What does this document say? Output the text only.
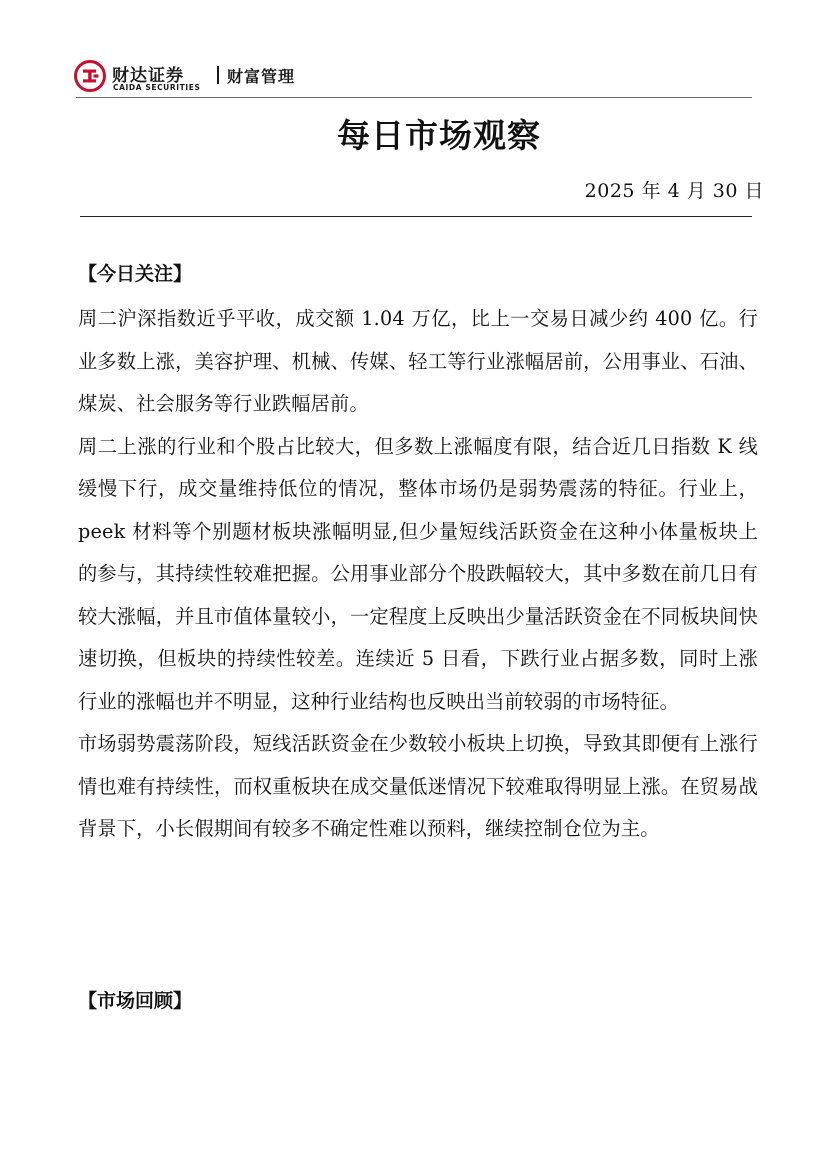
财达证券
CAIDA SECURITIES
财富管理
每日市场观察
2025 年 4 月 30 日
【今日关注】

周二沪深指数近乎平收，成交额 1.04 万亿，比上一交易日减少约 400 亿。行业多数上涨，美容护理、机械、传媒、轻工等行业涨幅居前，公用事业、石油、煤炭、社会服务等行业跌幅居前。

周二上涨的行业和个股占比较大，但多数上涨幅度有限，结合近几日指数 K 线缓慢下行，成交量维持低位的情况，整体市场仍是弱势震荡的特征。行业上，peek 材料等个别题材板块涨幅明显,但少量短线活跃资金在这种小体量板块上的参与，其持续性较难把握。公用事业部分个股跌幅较大，其中多数在前几日有较大涨幅，并且市值体量较小，一定程度上反映出少量活跃资金在不同板块间快速切换，但板块的持续性较差。连续近 5 日看，下跌行业占据多数，同时上涨行业的涨幅也并不明显，这种行业结构也反映出当前较弱的市场特征。

市场弱势震荡阶段，短线活跃资金在少数较小板块上切换，导致其即便有上涨行情也难有持续性，而权重板块在成交量低迷情况下较难取得明显上涨。在贸易战背景下，小长假期间有较多不确定性难以预料，继续控制仓位为主。

【市场回顾】
